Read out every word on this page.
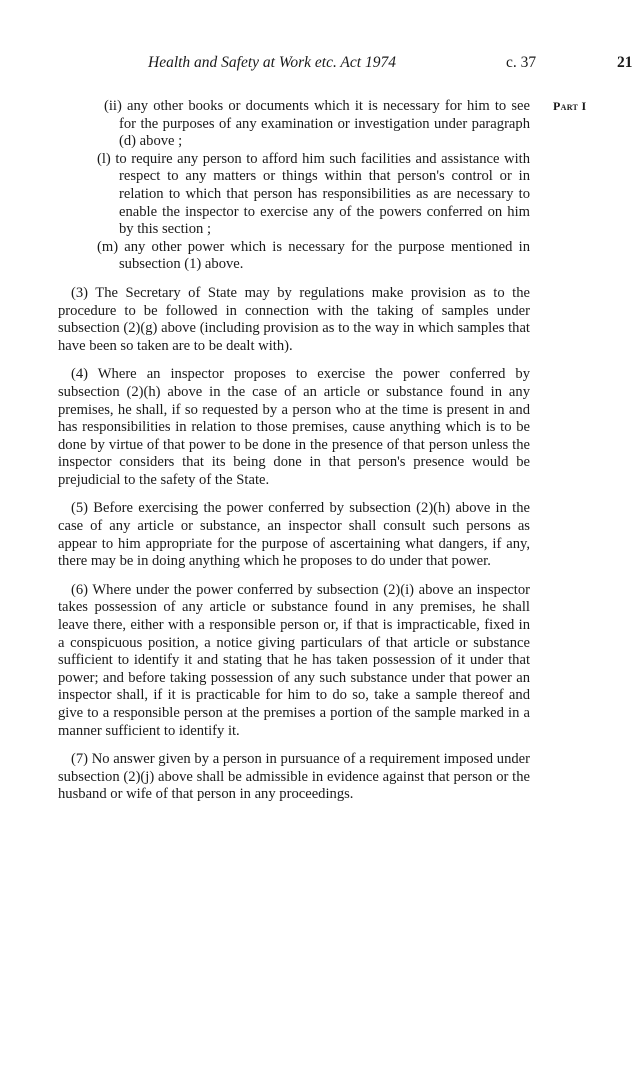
Health and Safety at Work etc. Act 1974	c. 37	21
Part I

(ii) any other books or documents which it is necessary for him to see for the purposes of any examination or investigation under paragraph (d) above ;

(l) to require any person to afford him such facilities and assistance with respect to any matters or things within that person's control or in relation to which that person has responsibilities as are necessary to enable the inspector to exercise any of the powers conferred on him by this section ;

(m) any other power which is necessary for the purpose mentioned in subsection (1) above.

(3) The Secretary of State may by regulations make provision as to the procedure to be followed in connection with the taking of samples under subsection (2)(g) above (including provision as to the way in which samples that have been so taken are to be dealt with).

(4) Where an inspector proposes to exercise the power conferred by subsection (2)(h) above in the case of an article or substance found in any premises, he shall, if so requested by a person who at the time is present in and has responsibilities in relation to those premises, cause anything which is to be done by virtue of that power to be done in the presence of that person unless the inspector considers that its being done in that person's presence would be prejudicial to the safety of the State.

(5) Before exercising the power conferred by subsection (2)(h) above in the case of any article or substance, an inspector shall consult such persons as appear to him appropriate for the purpose of ascertaining what dangers, if any, there may be in doing anything which he proposes to do under that power.

(6) Where under the power conferred by subsection (2)(i) above an inspector takes possession of any article or substance found in any premises, he shall leave there, either with a responsible person or, if that is impracticable, fixed in a conspicuous position, a notice giving particulars of that article or substance sufficient to identify it and stating that he has taken possession of it under that power; and before taking possession of any such substance under that power an inspector shall, if it is practicable for him to do so, take a sample thereof and give to a responsible person at the premises a portion of the sample marked in a manner sufficient to identify it.

(7) No answer given by a person in pursuance of a requirement imposed under subsection (2)(j) above shall be admissible in evidence against that person or the husband or wife of that person in any proceedings.
